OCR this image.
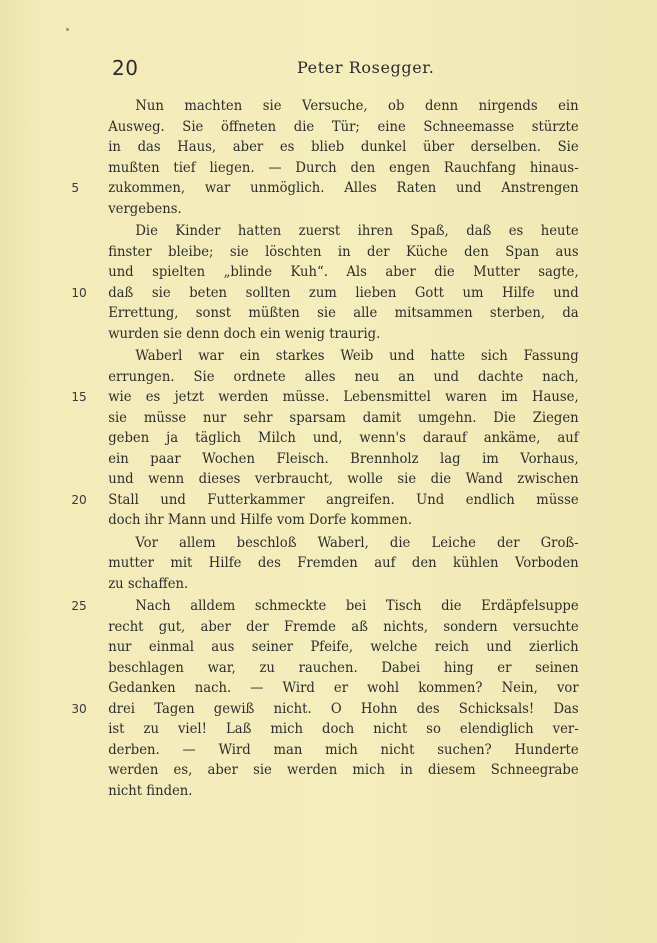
20	Peter Rosegger.
Nun machten sie Versuche, ob denn nirgends ein
Ausweg. Sie öffneten die Tür; eine Schneemasse stürzte
in das Haus, aber es blieb dunkel über derselben. Sie
mußten tief liegen. — Durch den engen Rauchfang hinaus-
5	zukommen, war unmöglich. Alles Raten und Anstrengen
vergebens.
Die Kinder hatten zuerst ihren Spaß, daß es heute
finster bleibe; sie löschten in der Küche den Span aus
und spielten „blinde Kuh“. Als aber die Mutter sagte,
10	daß sie beten sollten zum lieben Gott um Hilfe und
Errettung, sonst müßten sie alle mitsammen sterben, da
wurden sie denn doch ein wenig traurig.
Waberl war ein starkes Weib und hatte sich Fassung
errungen. Sie ordnete alles neu an und dachte nach,
15	wie es jetzt werden müsse. Lebensmittel waren im Hause,
sie müsse nur sehr sparsam damit umgehn. Die Ziegen
geben ja täglich Milch und, wenn's darauf ankäme, auf
ein paar Wochen Fleisch. Brennholz lag im Vorhaus,
und wenn dieses verbraucht, wolle sie die Wand zwischen
20	Stall und Futterkammer angreifen. Und endlich müsse
doch ihr Mann und Hilfe vom Dorfe kommen.
Vor allem beschloß Waberl, die Leiche der Groß-
mutter mit Hilfe des Fremden auf den kühlen Vorboden
zu schaffen.
25	Nach alldem schmeckte bei Tisch die Erdäpfelsuppe
recht gut, aber der Fremde aß nichts, sondern versuchte
nur einmal aus seiner Pfeife, welche reich und zierlich
beschlagen war, zu rauchen. Dabei hing er seinen
Gedanken nach. — Wird er wohl kommen? Nein, vor
30	drei Tagen gewiß nicht. O Hohn des Schicksals! Das
ist zu viel! Laß mich doch nicht so elendiglich ver-
derben. — Wird man mich nicht suchen? Hunderte
werden es, aber sie werden mich in diesem Schneegrabe
nicht finden.
